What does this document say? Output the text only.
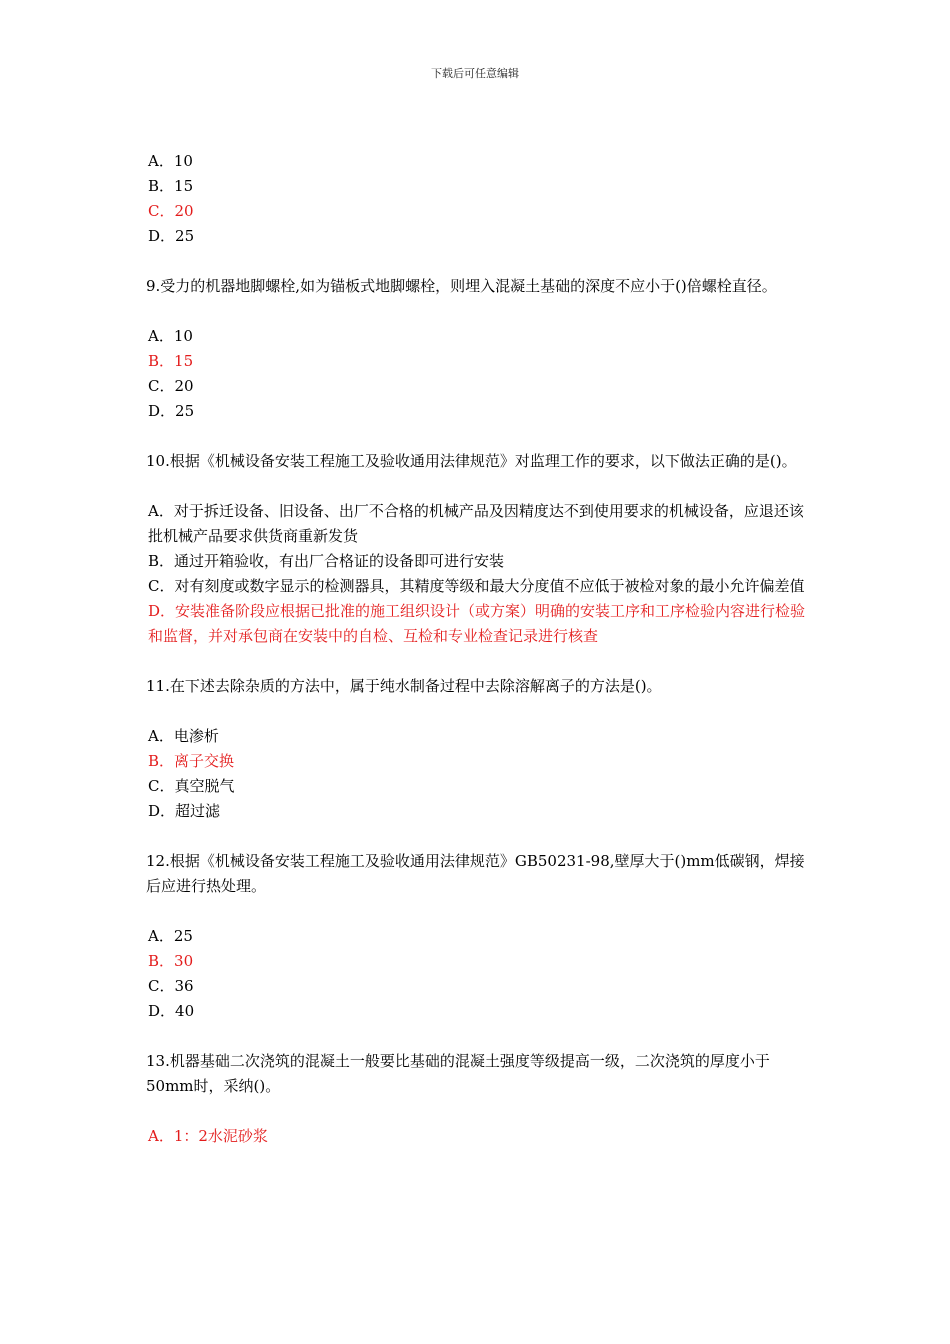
下载后可任意编辑
A．10
B．15
C．20
D．25
9.受力的机器地脚螺栓,如为锚板式地脚螺栓，则埋入混凝土基础的深度不应小于()倍螺栓直径。
A．10
B．15
C．20
D．25
10.根据《机械设备安装工程施工及验收通用法律规范》对监理工作的要求，以下做法正确的是()。
A．对于拆迁设备、旧设备、出厂不合格的机械产品及因精度达不到使用要求的机械设备，应退还该批机械产品要求供货商重新发货
B．通过开箱验收，有出厂合格证的设备即可进行安装
C．对有刻度或数字显示的检测器具，其精度等级和最大分度值不应低于被检对象的最小允许偏差值
D．安装准备阶段应根据已批准的施工组织设计（或方案）明确的安装工序和工序检验内容进行检验和监督，并对承包商在安装中的自检、互检和专业检查记录进行核查
11.在下述去除杂质的方法中，属于纯水制备过程中去除溶解离子的方法是()。
A．电渗析
B．离子交换
C．真空脱气
D．超过滤
12.根据《机械设备安装工程施工及验收通用法律规范》GB50231-98,壁厚大于()mm低碳钢，焊接后应进行热处理。
A．25
B．30
C．36
D．40
13.机器基础二次浇筑的混凝土一般要比基础的混凝土强度等级提高一级，二次浇筑的厚度小于50mm时，采纳()。
A．1：2水泥砂浆
